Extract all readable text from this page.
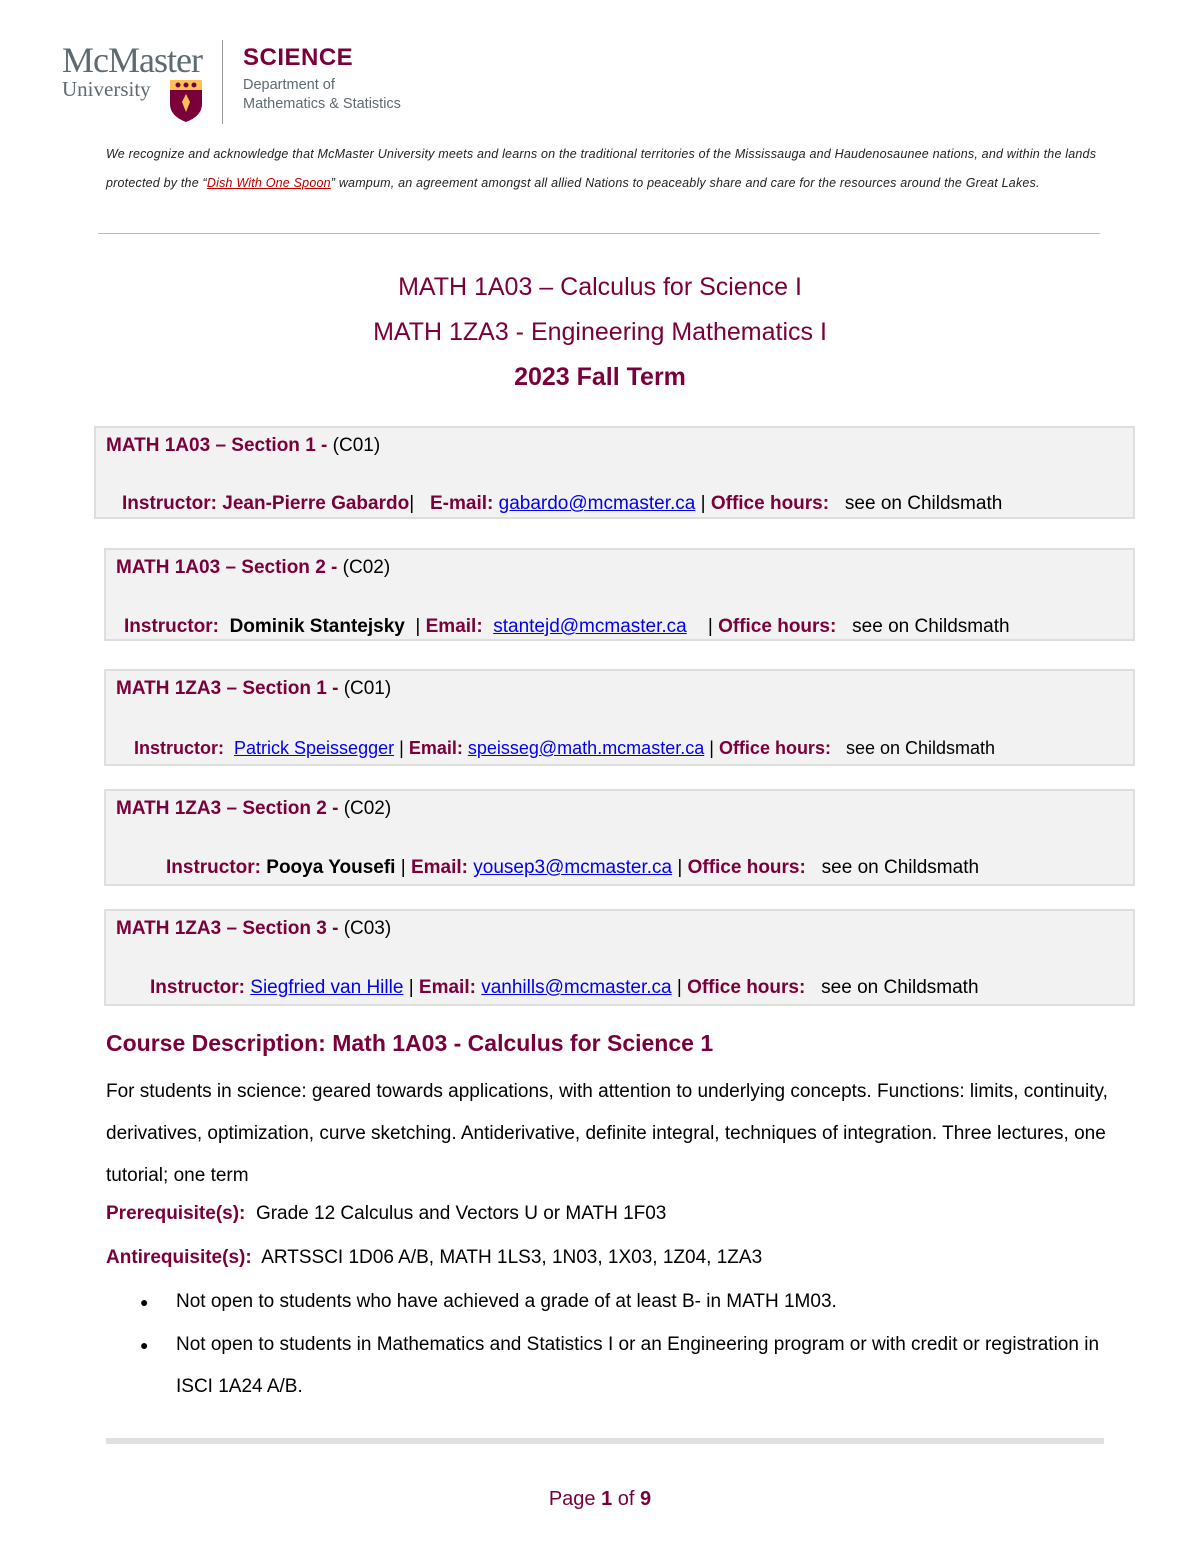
McMaster
University
SCIENCE
Department of
Mathematics & Statistics
We recognize and acknowledge that McMaster University meets and learns on the traditional territories of the Mississauga and Haudenosaunee nations, and within the lands protected by the “Dish With One Spoon” wampum, an agreement amongst all allied Nations to peaceably share and care for the resources around the Great Lakes.
MATH 1A03 – Calculus for Science I
MATH 1ZA3 - Engineering Mathematics I
2023 Fall Term
MATH 1A03 – Section 1 - (C01)
Instructor: Jean-Pierre Gabardo| E-mail: gabardo@mcmaster.ca | Office hours: see on Childsmath
MATH 1A03 – Section 2 - (C02)
Instructor: Dominik Stantejsky | Email: stantejd@mcmaster.ca | Office hours: see on Childsmath
MATH 1ZA3 – Section 1 - (C01)
Instructor: Patrick Speissegger | Email: speisseg@math.mcmaster.ca | Office hours: see on Childsmath
MATH 1ZA3 – Section 2 - (C02)
Instructor: Pooya Yousefi | Email: yousep3@mcmaster.ca | Office hours: see on Childsmath
MATH 1ZA3 – Section 3 - (C03)
Instructor: Siegfried van Hille | Email: vanhills@mcmaster.ca | Office hours: see on Childsmath
Course Description: Math 1A03 - Calculus for Science 1
For students in science: geared towards applications, with attention to underlying concepts. Functions: limits, continuity, derivatives, optimization, curve sketching. Antiderivative, definite integral, techniques of integration. Three lectures, one tutorial; one term
Prerequisite(s): Grade 12 Calculus and Vectors U or MATH 1F03
Antirequisite(s): ARTSSCI 1D06 A/B, MATH 1LS3, 1N03, 1X03, 1Z04, 1ZA3
● Not open to students who have achieved a grade of at least B- in MATH 1M03.
● Not open to students in Mathematics and Statistics I or an Engineering program or with credit or registration in ISCI 1A24 A/B.
Page 1 of 9
